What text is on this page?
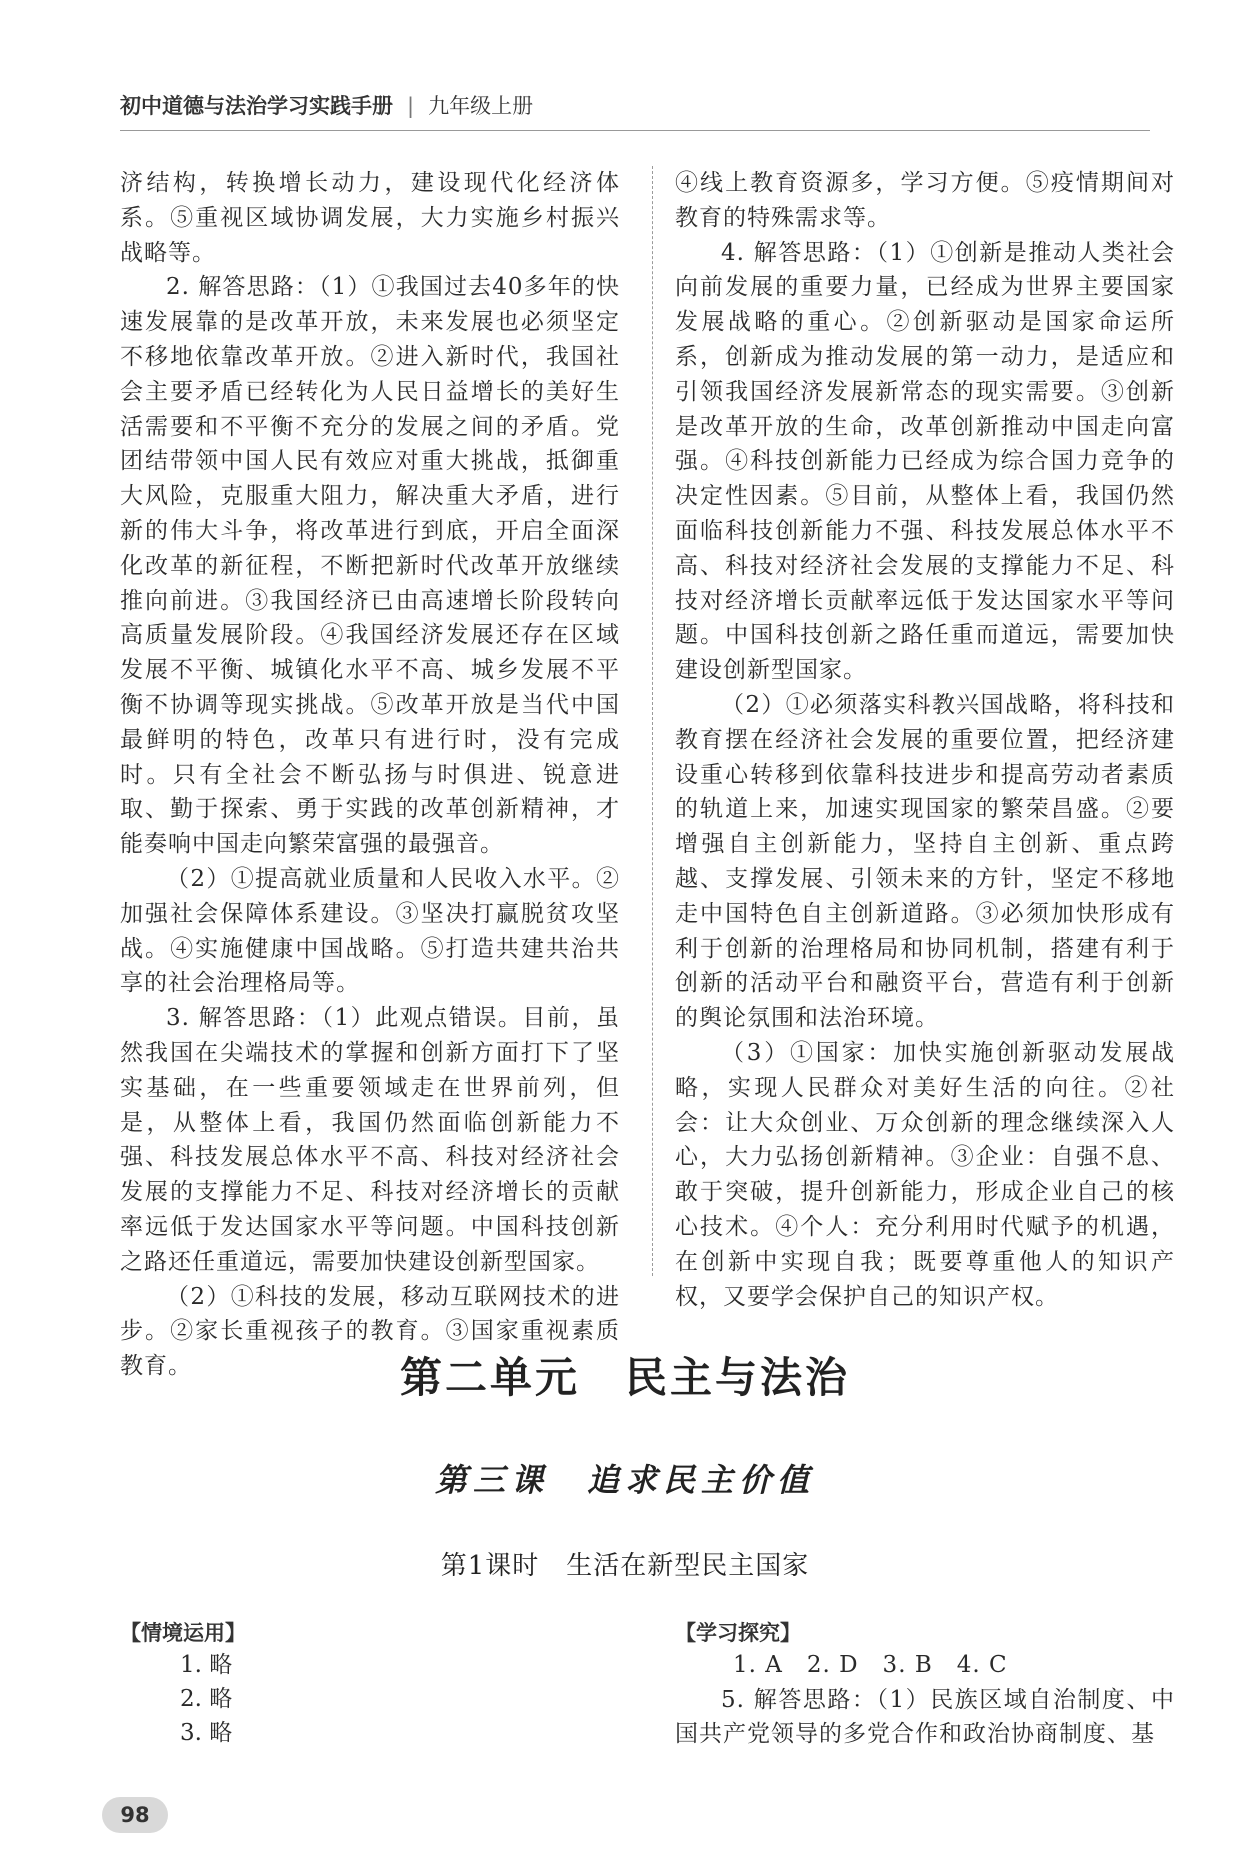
初中道德与法治学习实践手册 | 九年级上册

济结构，转换增长动力，建设现代化经济体系。⑤重视区域协调发展，大力实施乡村振兴战略等。

2. 解答思路：（1）①我国过去40多年的快速发展靠的是改革开放，未来发展也必须坚定不移地依靠改革开放。②进入新时代，我国社会主要矛盾已经转化为人民日益增长的美好生活需要和不平衡不充分的发展之间的矛盾。党团结带领中国人民有效应对重大挑战，抵御重大风险，克服重大阻力，解决重大矛盾，进行新的伟大斗争，将改革进行到底，开启全面深化改革的新征程，不断把新时代改革开放继续推向前进。③我国经济已由高速增长阶段转向高质量发展阶段。④我国经济发展还存在区域发展不平衡、城镇化水平不高、城乡发展不平衡不协调等现实挑战。⑤改革开放是当代中国最鲜明的特色，改革只有进行时，没有完成时。只有全社会不断弘扬与时俱进、锐意进取、勤于探索、勇于实践的改革创新精神，才能奏响中国走向繁荣富强的最强音。

（2）①提高就业质量和人民收入水平。②加强社会保障体系建设。③坚决打赢脱贫攻坚战。④实施健康中国战略。⑤打造共建共治共享的社会治理格局等。

3. 解答思路：（1）此观点错误。目前，虽然我国在尖端技术的掌握和创新方面打下了坚实基础，在一些重要领域走在世界前列，但是，从整体上看，我国仍然面临创新能力不强、科技发展总体水平不高、科技对经济社会发展的支撑能力不足、科技对经济增长的贡献率远低于发达国家水平等问题。中国科技创新之路还任重道远，需要加快建设创新型国家。

（2）①科技的发展，移动互联网技术的进步。②家长重视孩子的教育。③国家重视素质教育。

④线上教育资源多，学习方便。⑤疫情期间对教育的特殊需求等。

4. 解答思路：（1）①创新是推动人类社会向前发展的重要力量，已经成为世界主要国家发展战略的重心。②创新驱动是国家命运所系，创新成为推动发展的第一动力，是适应和引领我国经济发展新常态的现实需要。③创新是改革开放的生命，改革创新推动中国走向富强。④科技创新能力已经成为综合国力竞争的决定性因素。⑤目前，从整体上看，我国仍然面临科技创新能力不强、科技发展总体水平不高、科技对经济社会发展的支撑能力不足、科技对经济增长贡献率远低于发达国家水平等问题。中国科技创新之路任重而道远，需要加快建设创新型国家。

（2）①必须落实科教兴国战略，将科技和教育摆在经济社会发展的重要位置，把经济建设重心转移到依靠科技进步和提高劳动者素质的轨道上来，加速实现国家的繁荣昌盛。②要增强自主创新能力，坚持自主创新、重点跨越、支撑发展、引领未来的方针，坚定不移地走中国特色自主创新道路。③必须加快形成有利于创新的治理格局和协同机制，搭建有利于创新的活动平台和融资平台，营造有利于创新的舆论氛围和法治环境。

（3）①国家：加快实施创新驱动发展战略，实现人民群众对美好生活的向往。②社会：让大众创业、万众创新的理念继续深入人心，大力弘扬创新精神。③企业：自强不息、敢于突破，提升创新能力，形成企业自己的核心技术。④个人：充分利用时代赋予的机遇，在创新中实现自我；既要尊重他人的知识产权，又要学会保护自己的知识产权。

第二单元　民主与法治
第三课　追求民主价值
第1课时　生活在新型民主国家
【情境运用】
1. 略
2. 略
3. 略
【学习探究】

1. A　2. D　3. B　4. C

5. 解答思路：（1）民族区域自治制度、中国共产党领导的多党合作和政治协商制度、基

98
